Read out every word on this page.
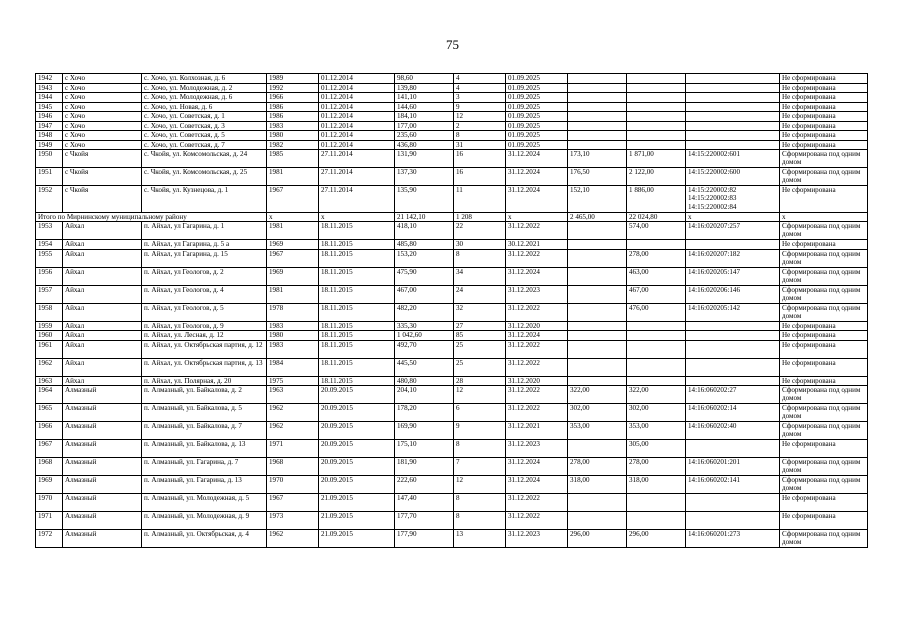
75
1942	с Хочо	с. Хочо, ул. Колхозная, д. 6	1989	01.12.2014	98,60	4	01.09.2025				Не сформирована
1943	с Хочо	с. Хочо, ул. Молодежная, д. 2	1992	01.12.2014	139,80	4	01.09.2025				Не сформирована
1944	с Хочо	с. Хочо, ул. Молодежная, д. 6	1966	01.12.2014	141,10	3	01.09.2025				Не сформирована
1945	с Хочо	с. Хочо, ул. Новая, д. 6	1986	01.12.2014	144,60	9	01.09.2025				Не сформирована
1946	с Хочо	с. Хочо, ул. Советская, д. 1	1986	01.12.2014	184,10	12	01.09.2025				Не сформирована
1947	с Хочо	с. Хочо, ул. Советская, д. 3	1983	01.12.2014	177,00	2	01.09.2025				Не сформирована
1948	с Хочо	с. Хочо, ул. Советская, д. 5	1980	01.12.2014	235,60	8	01.09.2025				Не сформирована
1949	с Хочо	с. Хочо, ул. Советская, д. 7	1982	01.12.2014	436,80	31	01.09.2025				Не сформирована
1950	с Чкойя	с. Чкойя, ул. Комсомольская, д. 24	1985	27.11.2014	131,90	16	31.12.2024	173,10	1 871,00	14:15:220002:601	Сформирована под одним домом
1951	с Чкойя	с. Чкойя, ул. Комсомольская, д. 25	1981	27.11.2014	137,30	16	31.12.2024	176,50	2 122,00	14:15:220002:600	Сформирована под одним домом
1952	с Чкойя	с. Чкойя, ул. Кузнецова, д. 1	1967	27.11.2014	135,90	11	31.12.2024	152,10	1 886,00	14:15:220002:82 14:15:220002:83 14:15:220002:84	Не сформирована
Итого по Мирнинскому муниципальному району			х	х	21 142,10	1 208	х	2 465,00	22 024,80	х	х
1953	Айхал	п. Айхал, ул Гагарина, д. 1	1981	18.11.2015	418,10	22	31.12.2022		574,00	14:16:020207:257	Сформирована под одним домом
1954	Айхал	п. Айхал, ул Гагарина, д. 5 а	1969	18.11.2015	485,80	30	30.12.2021				Не сформирована
1955	Айхал	п. Айхал, ул Гагарина, д. 15	1967	18.11.2015	153,20	8	31.12.2022		278,00	14:16:020207:182	Сформирована под одним домом
1956	Айхал	п. Айхал, ул Геологов, д. 2	1969	18.11.2015	475,90	34	31.12.2024		463,00	14:16:020205:147	Сформирована под одним домом
1957	Айхал	п. Айхал, ул Геологов, д. 4	1981	18.11.2015	467,00	24	31.12.2023		467,00	14:16:020206:146	Сформирована под одним домом
1958	Айхал	п. Айхал, ул Геологов, д. 5	1978	18.11.2015	482,20	32	31.12.2022		476,00	14:16:020205:142	Сформирована под одним домом
1959	Айхал	п. Айхал, ул Геологов, д. 9	1983	18.11.2015	335,30	27	31.12.2020				Не сформирована
1960	Айхал	п. Айхал, ул. Лесная, д. 12	1980	18.11.2015	1 042,60	85	31.12.2024				Не сформирована
1961	Айхал	п. Айхал, ул. Октябрьская партия, д. 12	1983	18.11.2015	492,70	25	31.12.2022				Не сформирована
1962	Айхал	п. Айхал, ул. Октябрьская партия, д. 13	1984	18.11.2015	445,50	25	31.12.2022				Не сформирована
1963	Айхал	п. Айхал, ул. Полярная, д. 20	1975	18.11.2015	480,80	28	31.12.2020				Не сформирована
1964	Алмазный	п. Алмазный, ул. Байкалова, д. 2	1963	20.09.2015	204,10	12	31.12.2022	322,00	322,00	14:16:060202:27	Сформирована под одним домом
1965	Алмазный	п. Алмазный, ул. Байкалова, д. 5	1962	20.09.2015	178,20	6	31.12.2022	302,00	302,00	14:16:060202:14	Сформирована под одним домом
1966	Алмазный	п. Алмазный, ул. Байкалова, д. 7	1962	20.09.2015	169,90	9	31.12.2021	353,00	353,00	14:16:060202:40	Сформирована под одним домом
1967	Алмазный	п. Алмазный, ул. Байкалова, д. 13	1971	20.09.2015	175,10	8	31.12.2023		305,00		Не сформирована
1968	Алмазный	п. Алмазный, ул. Гагарина, д. 7	1968	20.09.2015	181,90	7	31.12.2024	278,00	278,00	14:16:060201:201	Сформирована под одним домом
1969	Алмазный	п. Алмазный, ул. Гагарина, д. 13	1970	20.09.2015	222,60	12	31.12.2024	318,00	318,00	14:16:060202:141	Сформирована под одним домом
1970	Алмазный	п. Алмазный, ул. Молодежная, д. 5	1967	21.09.2015	147,40	8	31.12.2022				Не сформирована
1971	Алмазный	п. Алмазный, ул. Молодежная, д. 9	1973	21.09.2015	177,70	8	31.12.2022				Не сформирована
1972	Алмазный	п. Алмазный, ул. Октябрьская, д. 4	1962	21.09.2015	177,90	13	31.12.2023	296,00	296,00	14:16:060201:273	Сформирована под одним домом
